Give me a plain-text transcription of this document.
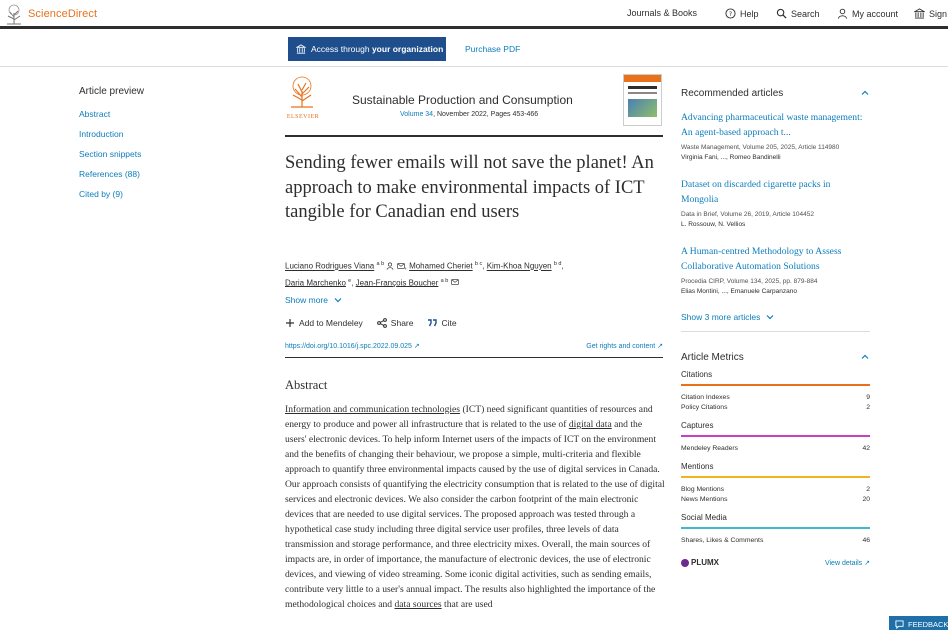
ScienceDirect	Journals & Books	? Help	Search	My account	Sign
Access through your organization	Purchase PDF
Article preview
Abstract
Introduction
Section snippets
References (88)
Cited by (9)
ELSEVIER
Sustainable Production and Consumption
Volume 34, November 2022, Pages 453-466
Sending fewer emails will not save the planet! An approach to make environmental impacts of ICT tangible for Canadian end users
Luciano Rodrigues Viana $^{a b}$	, Mohamed Cheriet $^{b c}$, Kim-Khoa Nguyen $^{b d}$,
Daria Marchenko $^e$, Jean-François Boucher $^{a b}$
Show more
Add to Mendeley	Share	Cite
https://doi.org/10.1016/j.spc.2022.09.025 ↗	Get rights and content ↗
Abstract

Information and communication technologies (ICT) need significant quantities of resources and energy to produce and power all infrastructure that is related to the use of digital data and the users' electronic devices. To help inform Internet users of the impacts of ICT on the environment and the benefits of changing their behaviour, we propose a simple, multi-criteria and flexible approach to quantify three environmental impacts caused by the use of digital services in Canada. Our approach consists of quantifying the electricity consumption that is related to the use of digital services and electronic devices. We also consider the carbon footprint of the main electronic devices that are needed to use digital services. The proposed approach was tested through a hypothetical case study including three digital service user profiles, three levels of data transmission and storage performance, and three electricity mixes. Overall, the main sources of impacts are, in order of importance, the manufacture of electronic devices, the use of electronic devices, and viewing of video streaming. Some iconic digital activities, such as sending emails, contribute very little to a user's annual impact. The results also highlighted the importance of the methodological choices and data sources that are used

Recommended articles
Advancing pharmaceutical waste management: An agent-based approach t...
Waste Management, Volume 205, 2025, Article 114980
Virginia Fani, ..., Romeo Bandinelli
Dataset on discarded cigarette packs in Mongolia
Data in Brief, Volume 26, 2019, Article 104452
L. Rossouw, N. Vellios
A Human-centred Methodology to Assess Collaborative Automation Solutions
Procedia CIRP, Volume 134, 2025, pp. 879-884
Elias Montini, ..., Emanuele Carpanzano
Show 3 more articles
Article Metrics
Citations
Citation Indexes	9
Policy Citations	2
Captures
Mendeley Readers	42
Mentions
Blog Mentions	2
News Mentions	20
Social Media
Shares, Likes & Comments	46
PLUMX	View details ↗
FEEDBACK
